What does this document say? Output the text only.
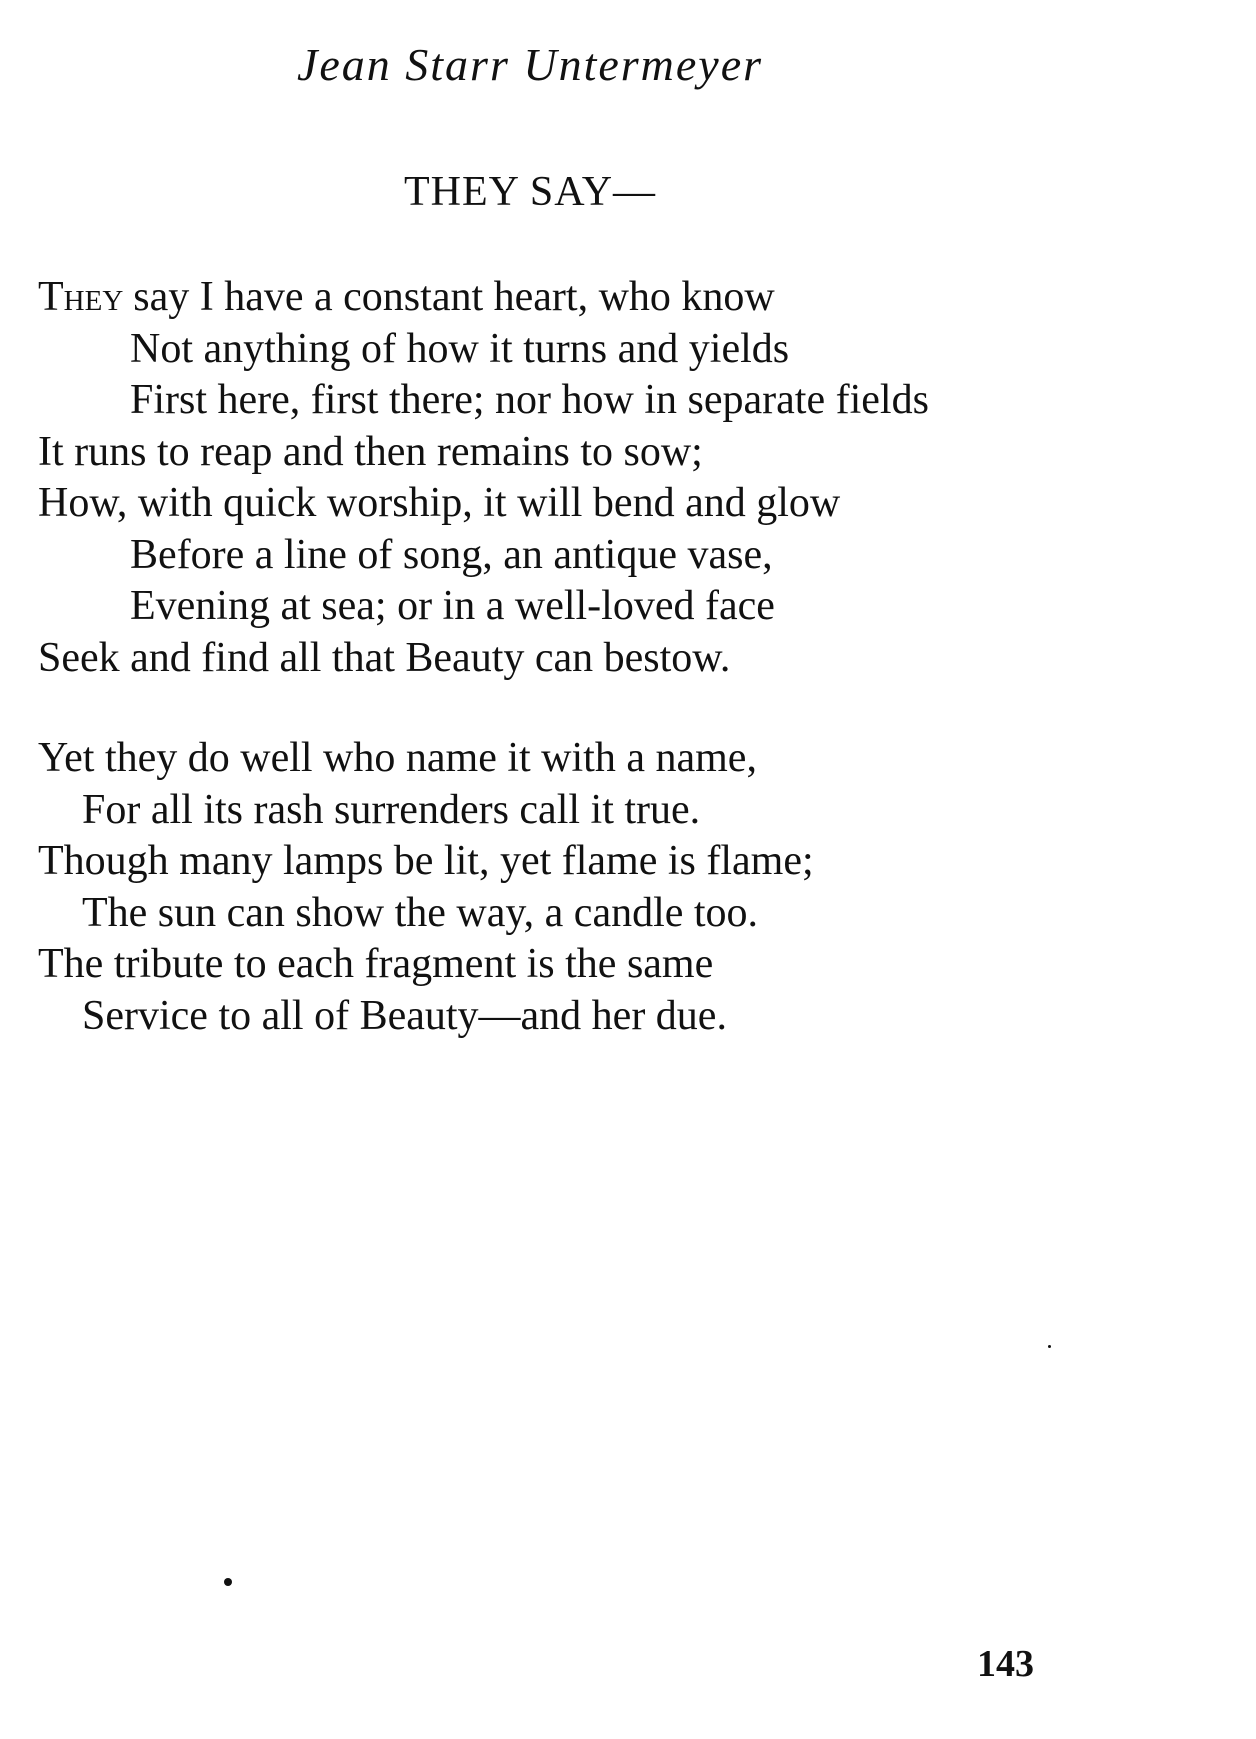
Jean Starr Untermeyer
THEY SAY—
They say I have a constant heart, who know
Not anything of how it turns and yields
First here, first there; nor how in separate fields
It runs to reap and then remains to sow;
How, with quick worship, it will bend and glow
Before a line of song, an antique vase,
Evening at sea; or in a well-loved face
Seek and find all that Beauty can bestow.
Yet they do well who name it with a name,
For all its rash surrenders call it true.
Though many lamps be lit, yet flame is flame;
The sun can show the way, a candle too.
The tribute to each fragment is the same
Service to all of Beauty—and her due.
143
